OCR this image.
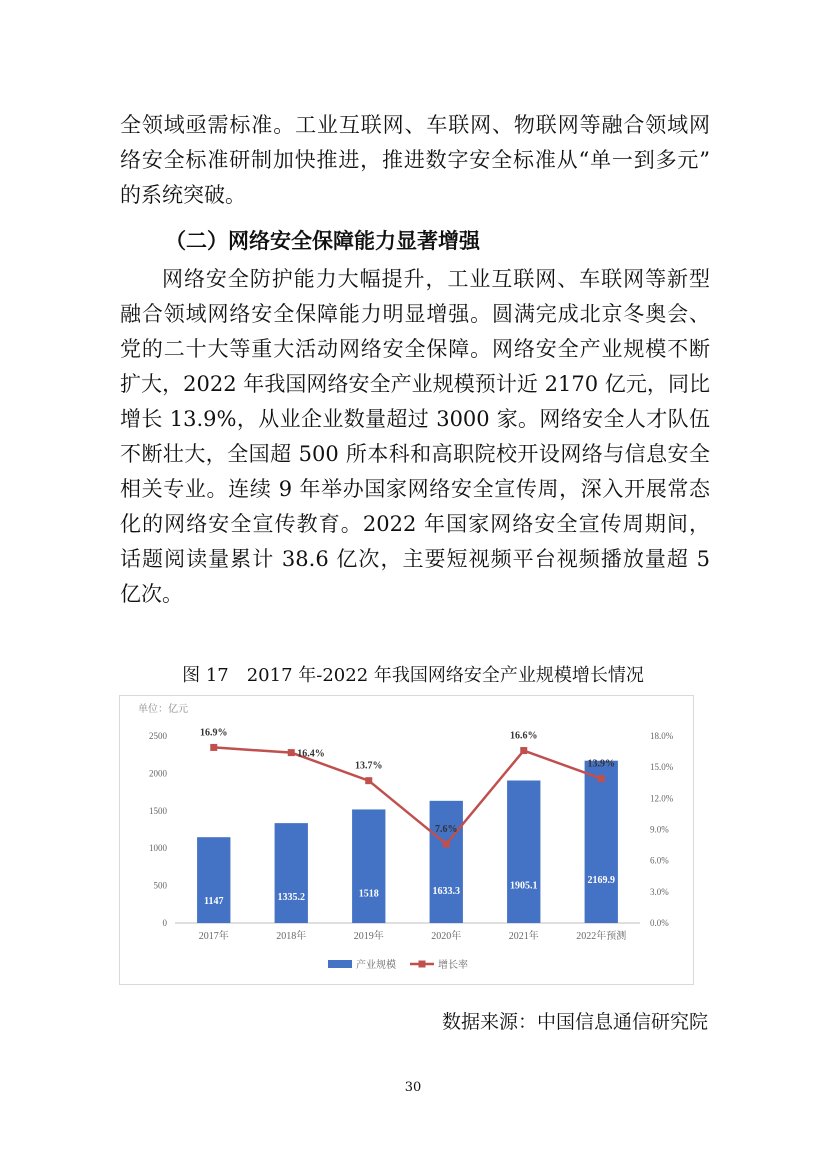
全领域亟需标准。工业互联网、车联网、物联网等融合领域网
络安全标准研制加快推进，推进数字安全标准从“单一到多元”
的系统突破。
（二）网络安全保障能力显著增强
网络安全防护能力大幅提升，工业互联网、车联网等新型
融合领域网络安全保障能力明显增强。圆满完成北京冬奥会、
党的二十大等重大活动网络安全保障。网络安全产业规模不断
扩大，2022 年我国网络安全产业规模预计近 2170 亿元，同比
增长 13.9%，从业企业数量超过 3000 家。网络安全人才队伍
不断壮大，全国超 500 所本科和高职院校开设网络与信息安全
相关专业。连续 9 年举办国家网络安全宣传周，深入开展常态
化的网络安全宣传教育。2022 年国家网络安全宣传周期间，
话题阅读量累计 38.6 亿次，主要短视频平台视频播放量超 5
亿次。
图 17　2017 年-2022 年我国网络安全产业规模增长情况
单位：亿元
0
500
1000
1500
2000
2500
0.0%
3.0%
6.0%
9.0%
12.0%
15.0%
18.0%
1147	1335.2	1518	1633.3	1905.1	2169.9
2017年	2018年	2019年	2020年	2021年	2022年预测
16.9%
16.4%
13.7%
7.6%
16.6%
13.9%
产业规模	增长率
数据来源：中国信息通信研究院
30
